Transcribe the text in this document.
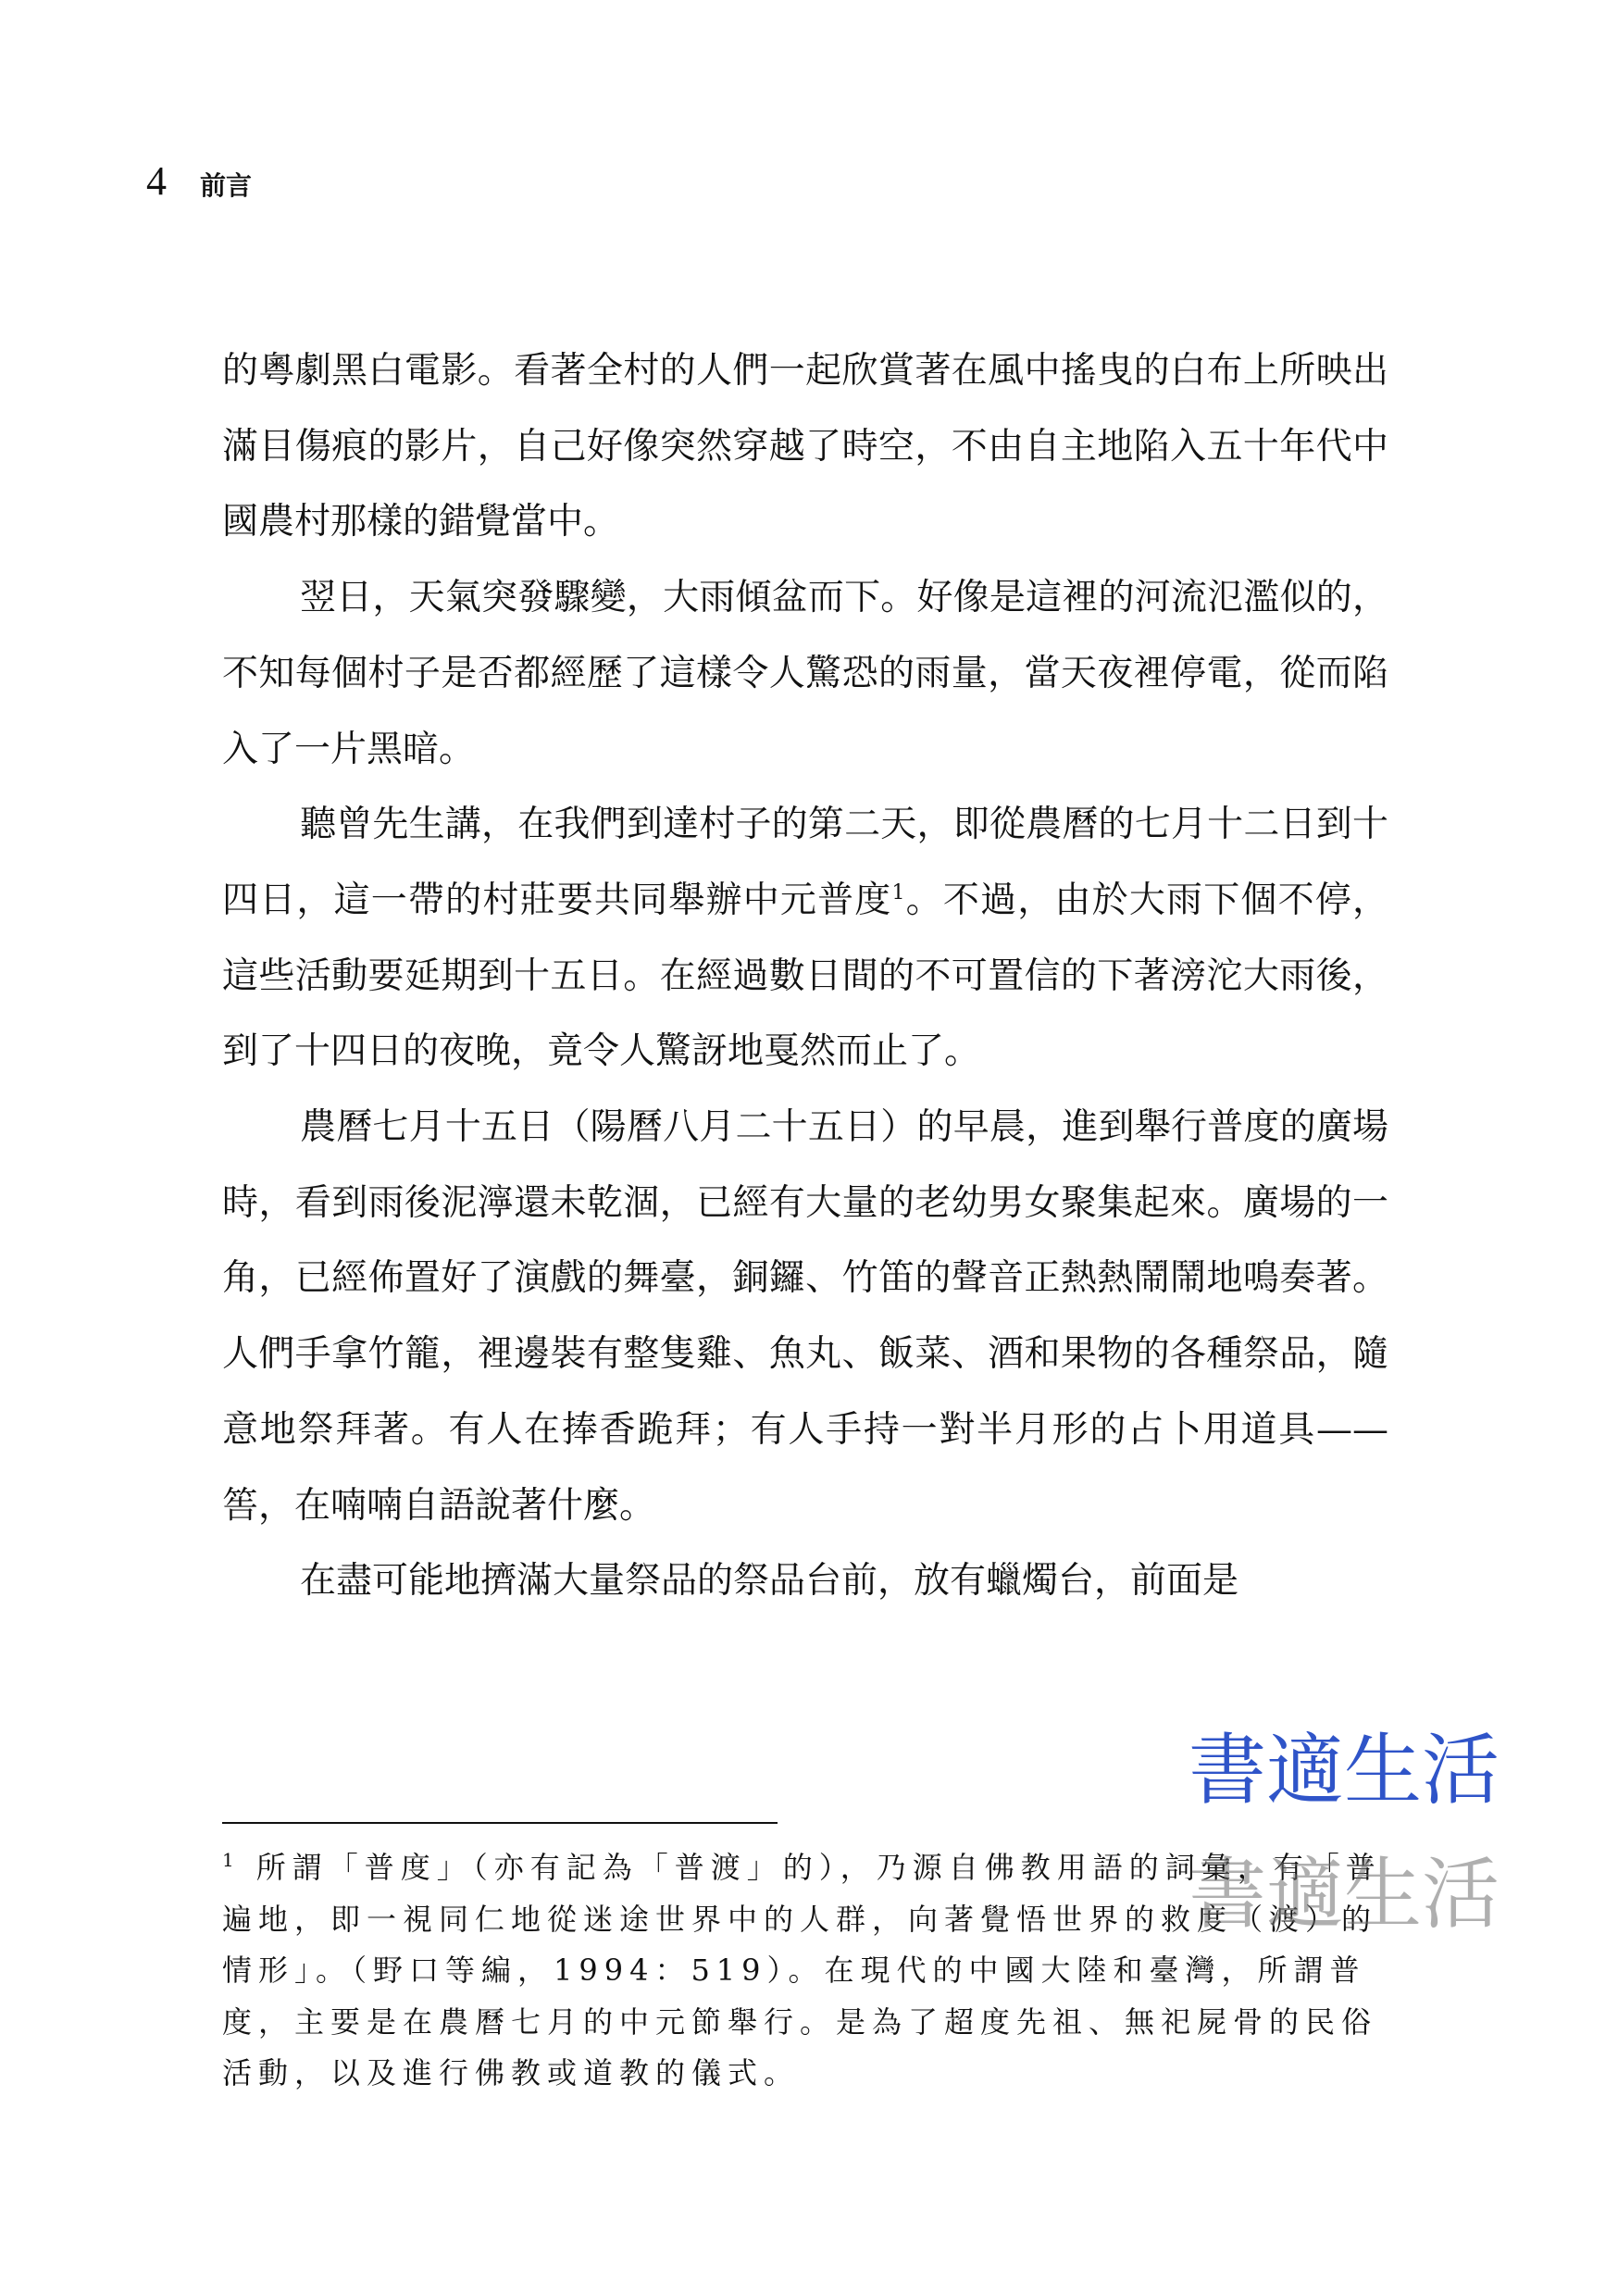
4 前言

的粵劇黑白電影。看著全村的人們一起欣賞著在風中搖曳的白布上所映出滿目傷痕的影片，自己好像突然穿越了時空，不由自主地陷入五十年代中國農村那樣的錯覺當中。

翌日，天氣突發驟變，大雨傾盆而下。好像是這裡的河流氾濫似的，不知每個村子是否都經歷了這樣令人驚恐的雨量，當天夜裡停電，從而陷入了一片黑暗。

聽曾先生講，在我們到達村子的第二天，即從農曆的七月十二日到十四日，這一帶的村莊要共同舉辦中元普度$^1$。不過，由於大雨下個不停，這些活動要延期到十五日。在經過數日間的不可置信的下著滂沱大雨後，到了十四日的夜晚，竟令人驚訝地戛然而止了。

農曆七月十五日（陽曆八月二十五日）的早晨，進到舉行普度的廣場時，看到雨後泥濘還未乾涸，已經有大量的老幼男女聚集起來。廣場的一角，已經佈置好了演戲的舞臺，銅鑼、竹笛的聲音正熱熱鬧鬧地鳴奏著。人們手拿竹籠，裡邊裝有整隻雞、魚丸、飯菜、酒和果物的各種祭品，隨意地祭拜著。有人在捧香跪拜；有人手持一對半月形的占卜用道具——筶，在喃喃自語說著什麼。

在盡可能地擠滿大量祭品的祭品台前，放有蠟燭台，前面是

書適生活
$^1$ 所謂「普度」（亦有記為「普渡」的），乃源自佛教用語的詞彙，有「普遍地，即一視同仁地從迷途世界中的人群，向著覺悟世界的救度（渡）的情形」。（野口等編，1994：519）。在現代的中國大陸和臺灣，所謂普度，主要是在農曆七月的中元節舉行。是為了超度先祖、無祀屍骨的民俗活動，以及進行佛教或道教的儀式。
書適生活
